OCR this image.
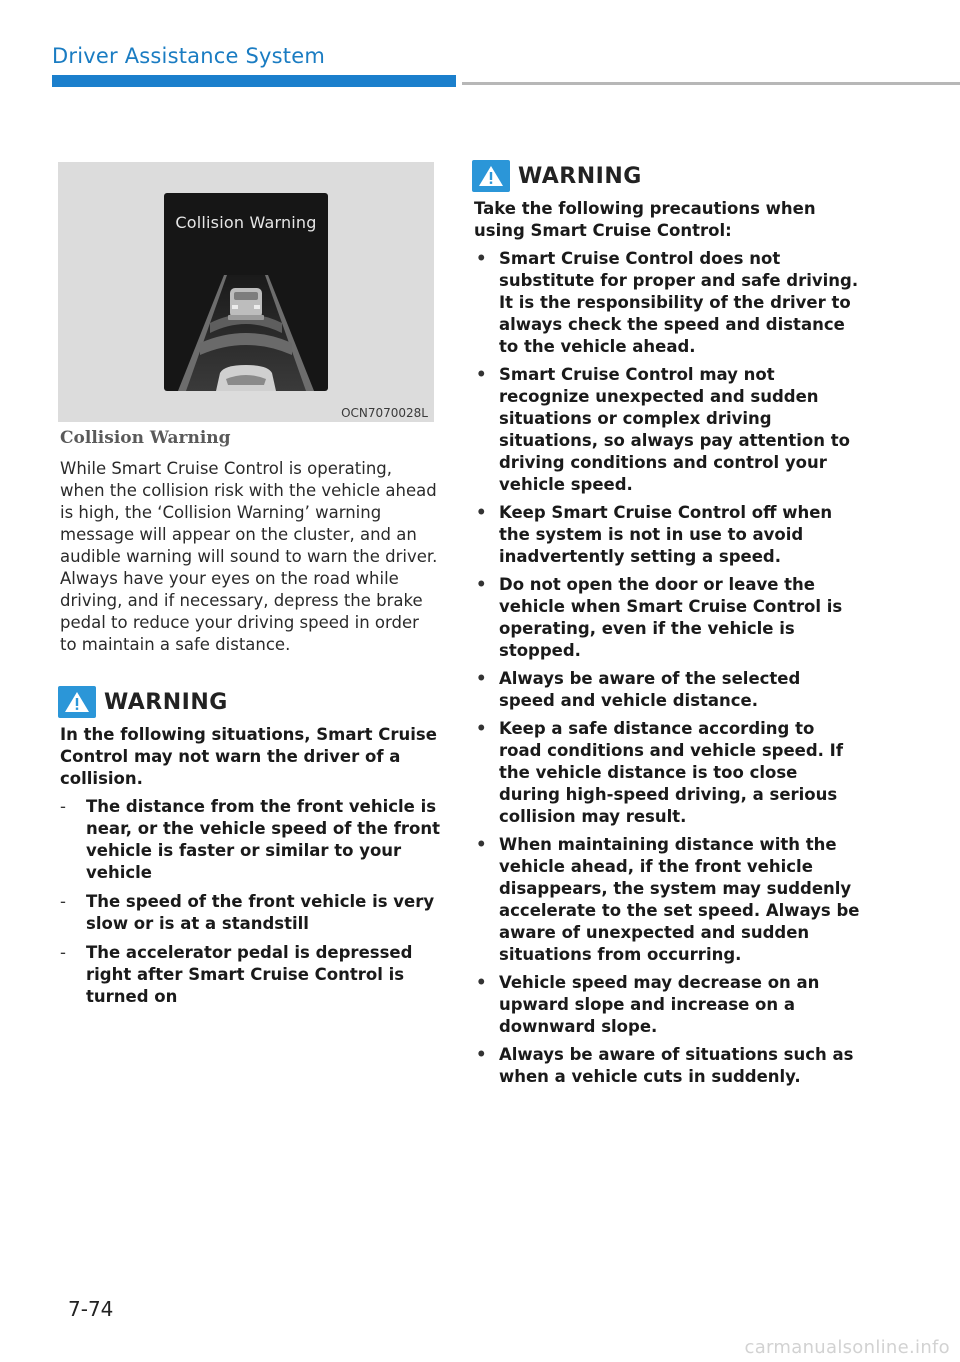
Driver Assistance System
Collision Warning
OCN7070028L
Collision Warning

While Smart Cruise Control is operating, when the collision risk with the vehicle ahead is high, the ‘Collision Warning’ warning message will appear on the cluster, and an audible warning will sound to warn the driver. Always have your eyes on the road while driving, and if necessary, depress the brake pedal to reduce your driving speed in order to maintain a safe distance.

WARNING

In the following situations, Smart Cruise Control may not warn the driver of a collision.

- The distance from the front vehicle is near, or the vehicle speed of the front vehicle is faster or similar to your vehicle
- The speed of the front vehicle is very slow or is at a standstill
- The accelerator pedal is depressed right after Smart Cruise Control is turned on
WARNING

Take the following precautions when using Smart Cruise Control:

• Smart Cruise Control does not substitute for proper and safe driving. It is the responsibility of the driver to always check the speed and distance to the vehicle ahead.
• Smart Cruise Control may not recognize unexpected and sudden situations or complex driving situations, so always pay attention to driving conditions and control your vehicle speed.
• Keep Smart Cruise Control off when the system is not in use to avoid inadvertently setting a speed.
• Do not open the door or leave the vehicle when Smart Cruise Control is operating, even if the vehicle is stopped.
• Always be aware of the selected speed and vehicle distance.
• Keep a safe distance according to road conditions and vehicle speed. If the vehicle distance is too close during high-speed driving, a serious collision may result.
• When maintaining distance with the vehicle ahead, if the front vehicle disappears, the system may suddenly accelerate to the set speed. Always be aware of unexpected and sudden situations from occurring.
• Vehicle speed may decrease on an upward slope and increase on a downward slope.
• Always be aware of situations such as when a vehicle cuts in suddenly.
7-74
carmanualsonline.info
